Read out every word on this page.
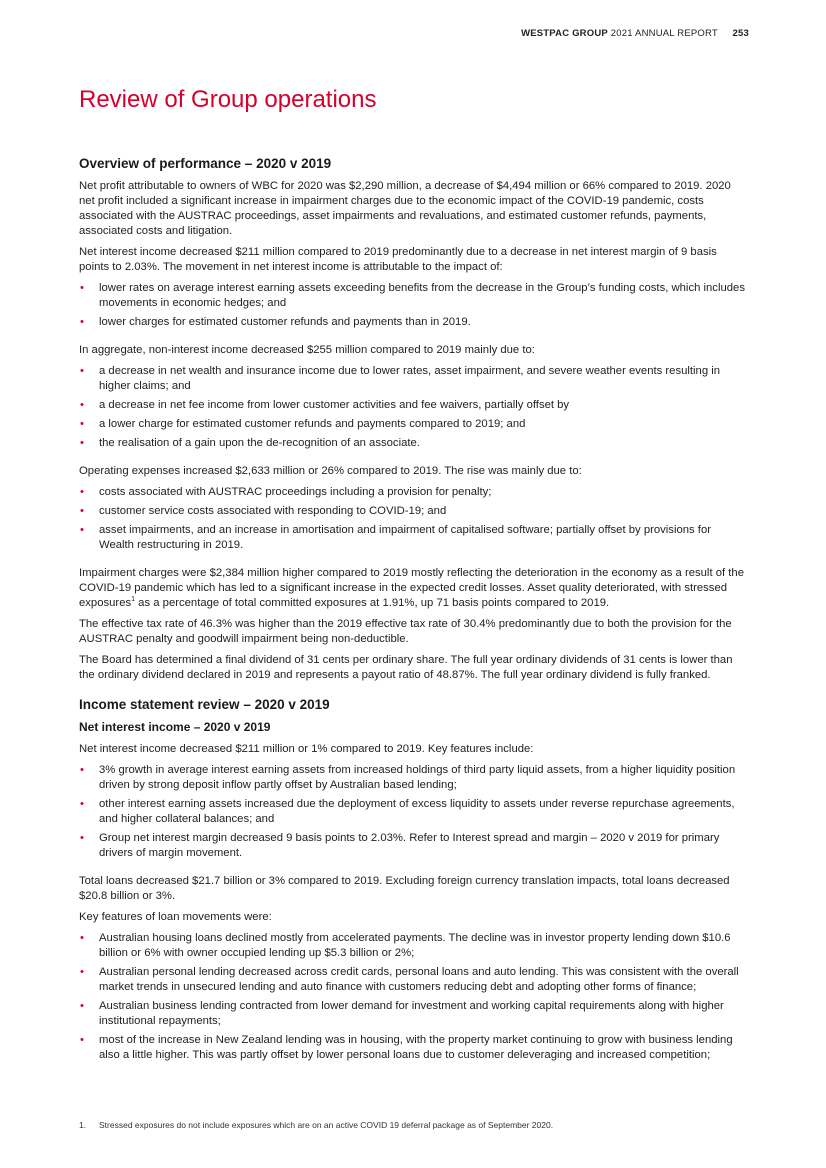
WESTPAC GROUP 2021 ANNUAL REPORT 253
Review of Group operations
Overview of performance – 2020 v 2019

Net profit attributable to owners of WBC for 2020 was $2,290 million, a decrease of $4,494 million or 66% compared to 2019. 2020 net profit included a significant increase in impairment charges due to the economic impact of the COVID-19 pandemic, costs associated with the AUSTRAC proceedings, asset impairments and revaluations, and estimated customer refunds, payments, associated costs and litigation.

Net interest income decreased $211 million compared to 2019 predominantly due to a decrease in net interest margin of 9 basis points to 2.03%. The movement in net interest income is attributable to the impact of:

• lower rates on average interest earning assets exceeding benefits from the decrease in the Group’s funding costs, which includes movements in economic hedges; and
• lower charges for estimated customer refunds and payments than in 2019.

In aggregate, non-interest income decreased $255 million compared to 2019 mainly due to:

• a decrease in net wealth and insurance income due to lower rates, asset impairment, and severe weather events resulting in higher claims; and
• a decrease in net fee income from lower customer activities and fee waivers, partially offset by
• a lower charge for estimated customer refunds and payments compared to 2019; and
• the realisation of a gain upon the de-recognition of an associate.

Operating expenses increased $2,633 million or 26% compared to 2019. The rise was mainly due to:

• costs associated with AUSTRAC proceedings including a provision for penalty;
• customer service costs associated with responding to COVID-19; and
• asset impairments, and an increase in amortisation and impairment of capitalised software; partially offset by provisions for Wealth restructuring in 2019.

Impairment charges were $2,384 million higher compared to 2019 mostly reflecting the deterioration in the economy as a result of the COVID-19 pandemic which has led to a significant increase in the expected credit losses. Asset quality deteriorated, with stressed exposures$^1$ as a percentage of total committed exposures at 1.91%, up 71 basis points compared to 2019.

The effective tax rate of 46.3% was higher than the 2019 effective tax rate of 30.4% predominantly due to both the provision for the AUSTRAC penalty and goodwill impairment being non-deductible.

The Board has determined a final dividend of 31 cents per ordinary share. The full year ordinary dividends of 31 cents is lower than the ordinary dividend declared in 2019 and represents a payout ratio of 48.87%. The full year ordinary dividend is fully franked.

Income statement review – 2020 v 2019
Net interest income – 2020 v 2019

Net interest income decreased $211 million or 1% compared to 2019. Key features include:

• 3% growth in average interest earning assets from increased holdings of third party liquid assets, from a higher liquidity position driven by strong deposit inflow partly offset by Australian based lending;
• other interest earning assets increased due the deployment of excess liquidity to assets under reverse repurchase agreements, and higher collateral balances; and
• Group net interest margin decreased 9 basis points to 2.03%. Refer to Interest spread and margin – 2020 v 2019 for primary drivers of margin movement.

Total loans decreased $21.7 billion or 3% compared to 2019. Excluding foreign currency translation impacts, total loans decreased $20.8 billion or 3%.

Key features of loan movements were:

• Australian housing loans declined mostly from accelerated payments. The decline was in investor property lending down $10.6 billion or 6% with owner occupied lending up $5.3 billion or 2%;
• Australian personal lending decreased across credit cards, personal loans and auto lending. This was consistent with the overall market trends in unsecured lending and auto finance with customers reducing debt and adopting other forms of finance;
• Australian business lending contracted from lower demand for investment and working capital requirements along with higher institutional repayments;
• most of the increase in New Zealand lending was in housing, with the property market continuing to grow with business lending also a little higher. This was partly offset by lower personal loans due to customer deleveraging and increased competition;
1. Stressed exposures do not include exposures which are on an active COVID 19 deferral package as of September 2020.
